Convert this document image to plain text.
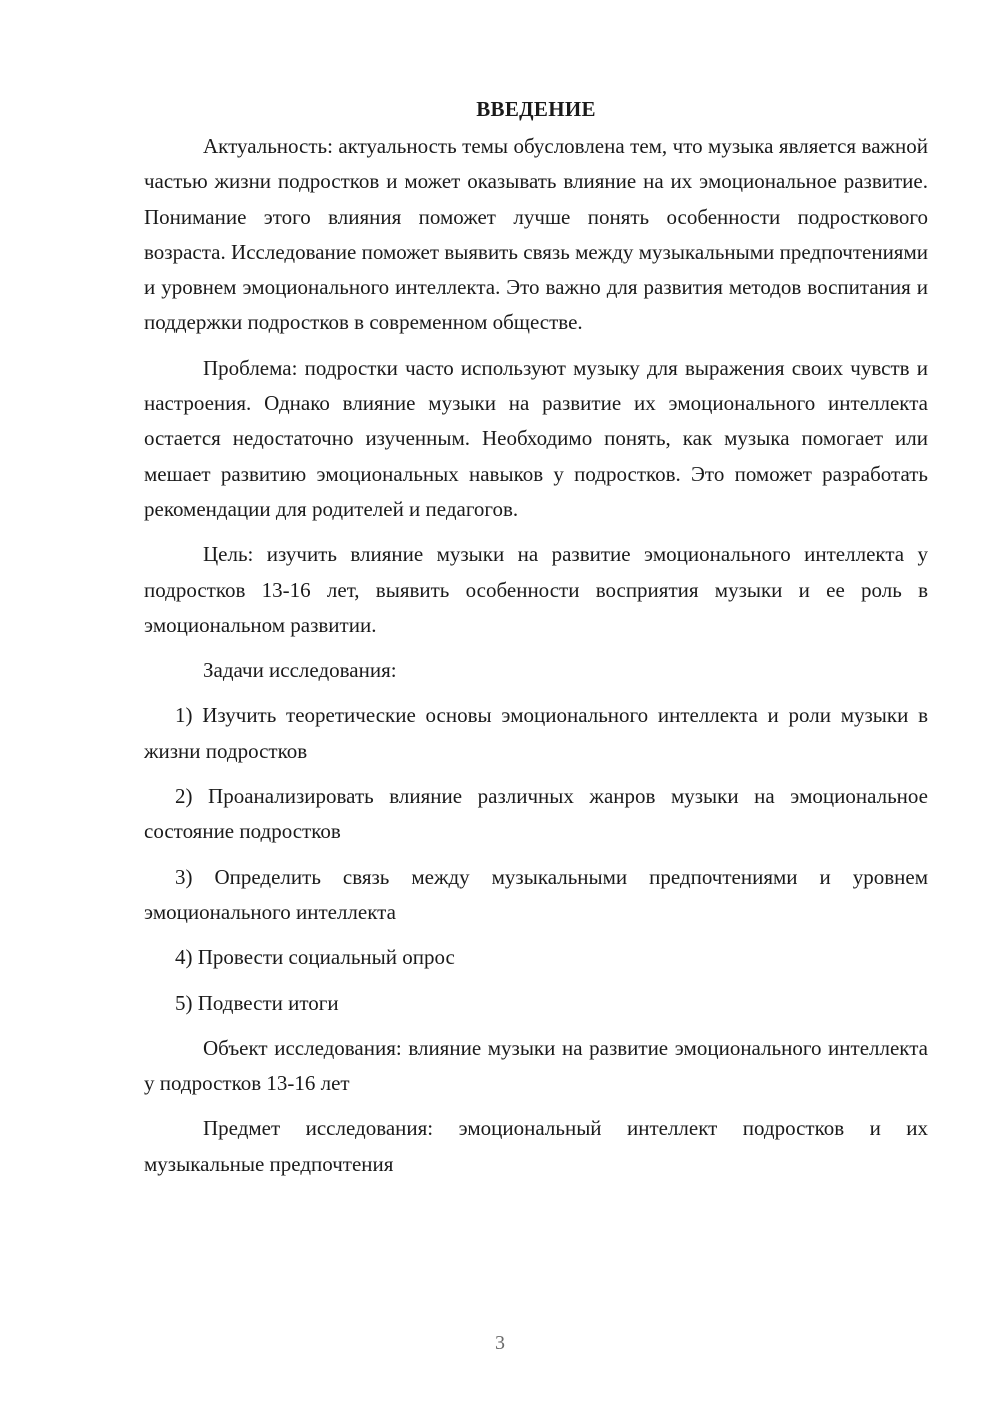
ВВЕДЕНИЕ

Актуальность: актуальность темы обусловлена тем, что музыка является важной частью жизни подростков и может оказывать влияние на их эмоциональное развитие. Понимание этого влияния поможет лучше понять особенности подросткового возраста. Исследование поможет выявить связь между музыкальными предпочтениями и уровнем эмоционального интеллекта. Это важно для развития методов воспитания и поддержки подростков в современном обществе.

Проблема: подростки часто используют музыку для выражения своих чувств и настроения. Однако влияние музыки на развитие их эмоционального интеллекта остается недостаточно изученным. Необходимо понять, как музыка помогает или мешает развитию эмоциональных навыков у подростков. Это поможет разработать рекомендации для родителей и педагогов.

Цель: изучить влияние музыки на развитие эмоционального интеллекта у подростков 13-16 лет, выявить особенности восприятия музыки и ее роль в эмоциональном развитии.

Задачи исследования:

1) Изучить теоретические основы эмоционального интеллекта и роли музыки в жизни подростков

2) Проанализировать влияние различных жанров музыки на эмоциональное состояние подростков

3) Определить связь между музыкальными предпочтениями и уровнем эмоционального интеллекта

4) Провести социальный опрос

5) Подвести итоги

Объект исследования: влияние музыки на развитие эмоционального интеллекта у подростков 13-16 лет

Предмет исследования: эмоциональный интеллект подростков и их музыкальные предпочтения

3
